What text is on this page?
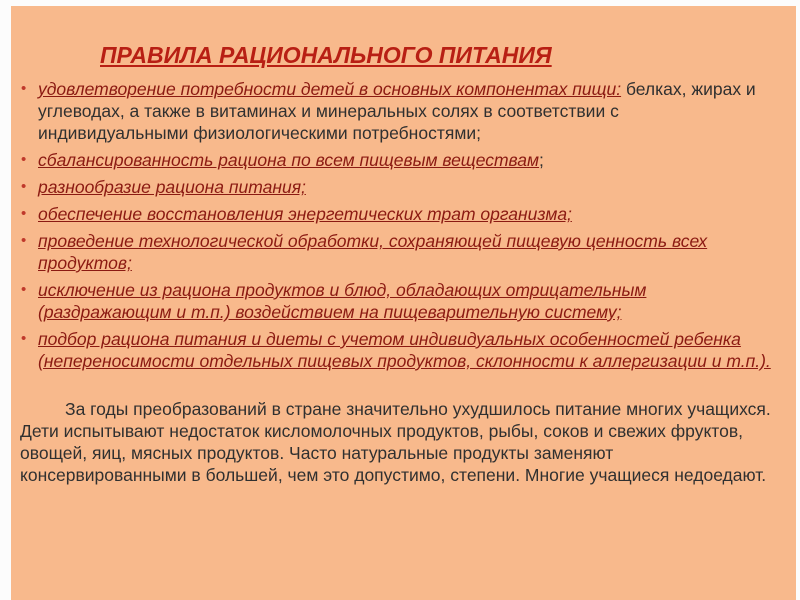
ПРАВИЛА РАЦИОНАЛЬНОГО ПИТАНИЯ
• удовлетворение потребности детей в основных компонентах пищи: белках, жирах и углеводах, а также в витаминах и минеральных солях в соответствии с индивидуальными физиологическими потребностями;
• сбалансированность рациона по всем пищевым веществам;
• разнообразие рациона питания;
• обеспечение восстановления энергетических трат организма;
• проведение технологической обработки, сохраняющей пищевую ценность всех продуктов;
• исключение из рациона продуктов и блюд, обладающих отрицательным (раздражающим и т.п.) воздействием на пищеварительную систему;
• подбор рациона питания и диеты с учетом индивидуальных особенностей ребенка (непереносимости отдельных пищевых продуктов, склонности к аллергизации и т.п.).

За годы преобразований в стране значительно ухудшилось питание многих учащихся. Дети испытывают недостаток кисломолочных продуктов, рыбы, соков и свежих фруктов, овощей, яиц, мясных продуктов. Часто натуральные продукты заменяют консервированными в большей, чем это допустимо, степени. Многие учащиеся недоедают.
